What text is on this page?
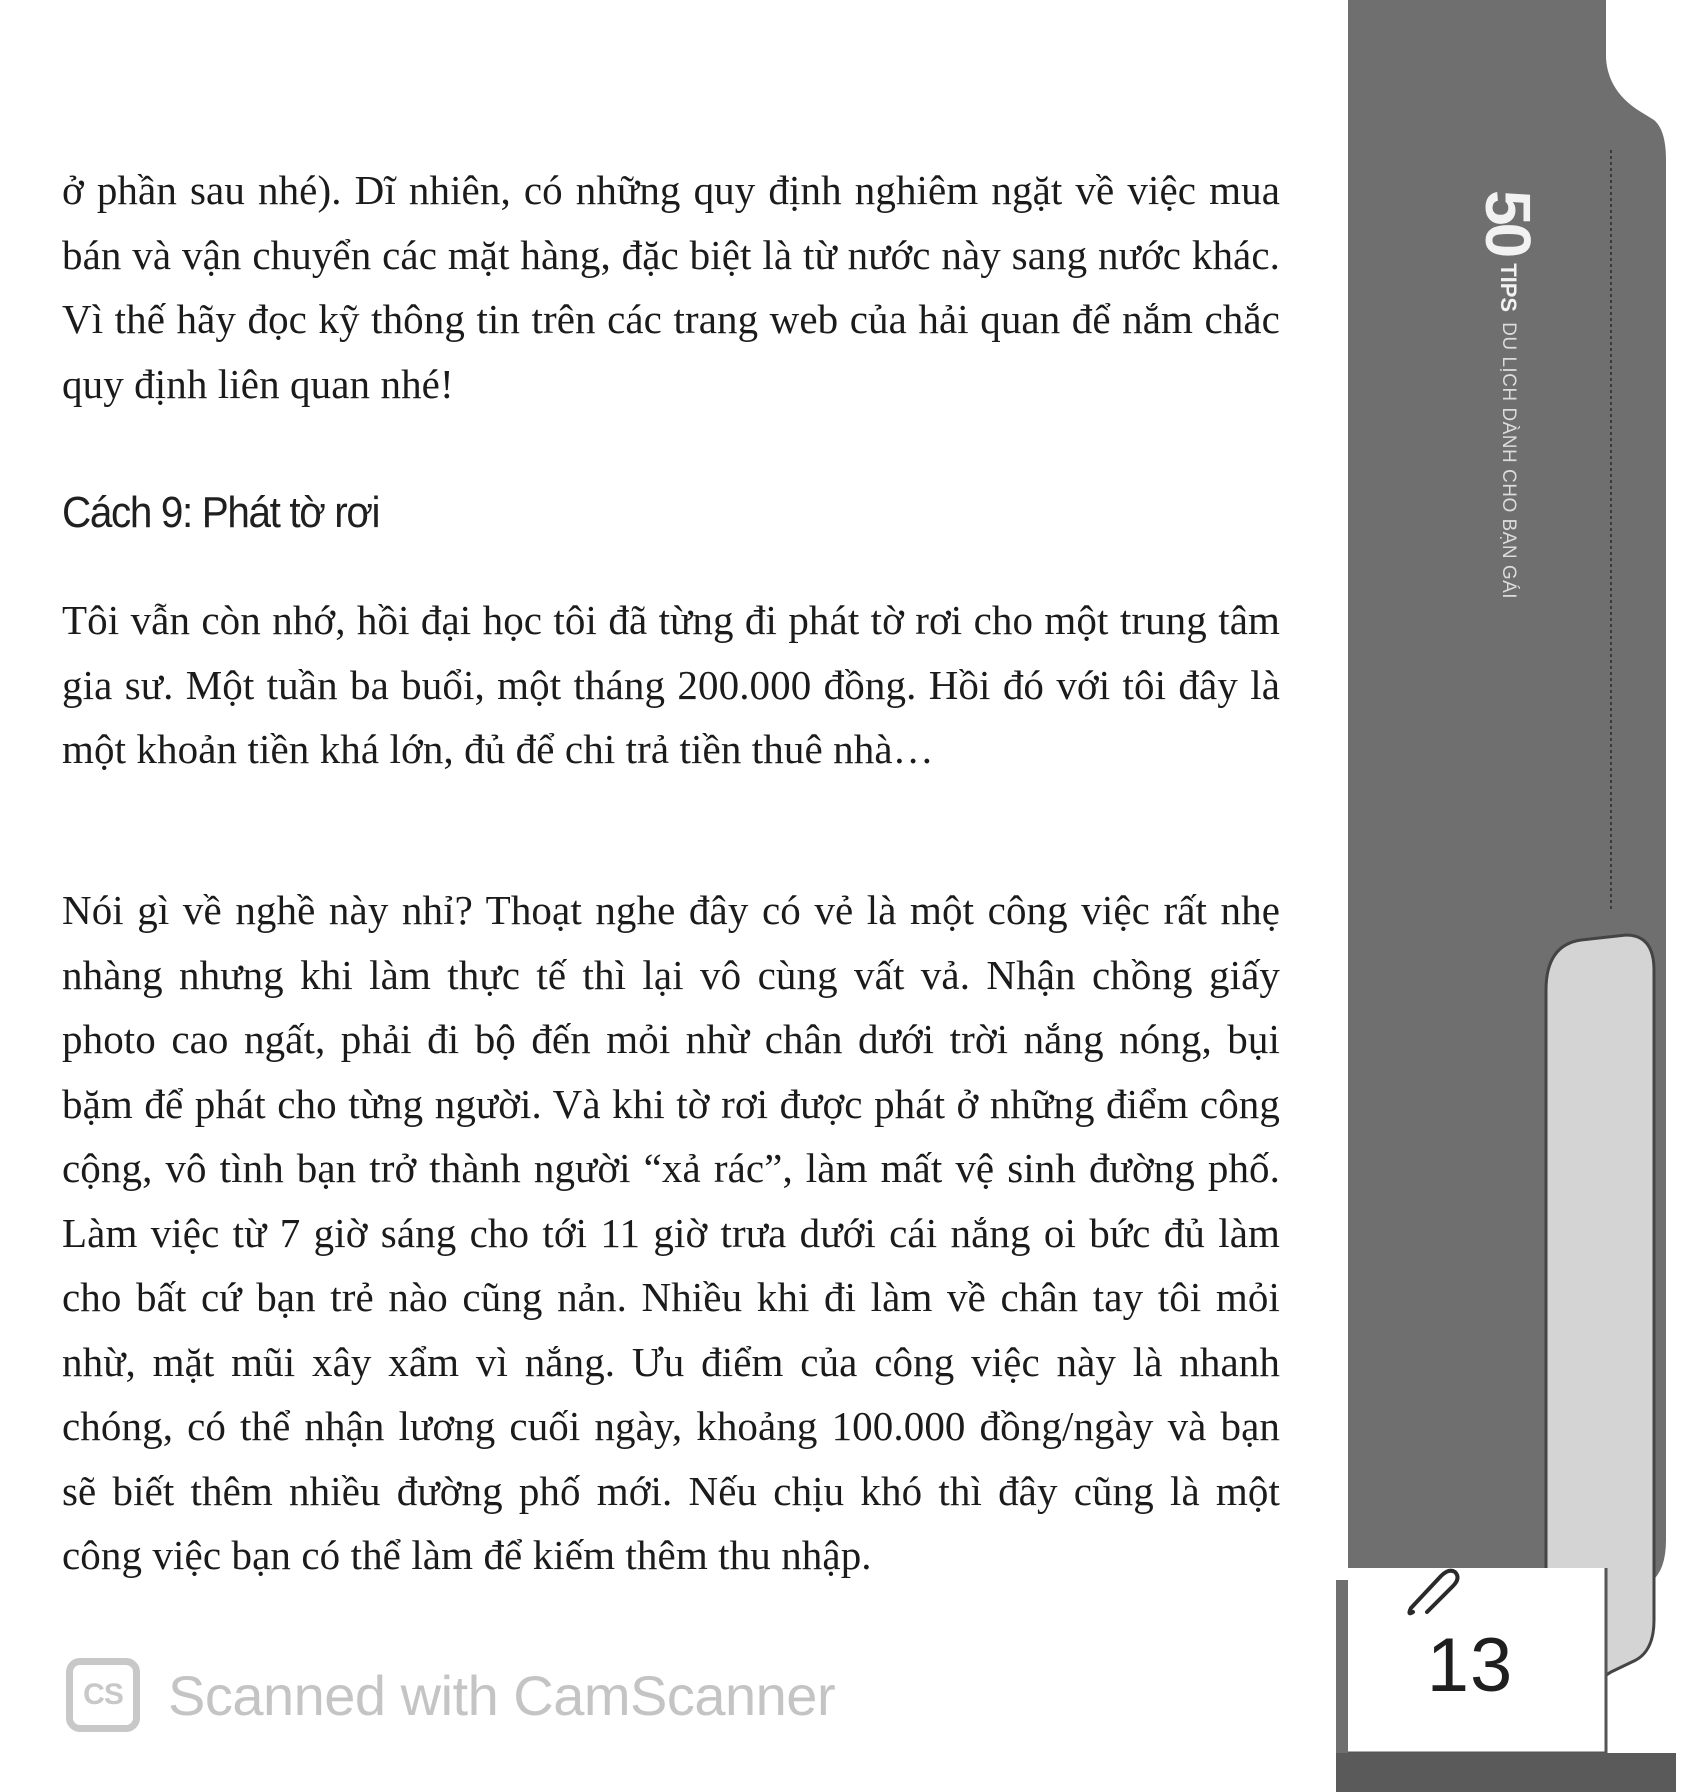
ở phần sau nhé). Dĩ nhiên, có những quy định nghiêm ngặt về việc mua bán và vận chuyển các mặt hàng, đặc biệt là từ nước này sang nước khác. Vì thế hãy đọc kỹ thông tin trên các trang web của hải quan để nắm chắc quy định liên quan nhé!

Cách 9: Phát tờ rơi

Tôi vẫn còn nhớ, hồi đại học tôi đã từng đi phát tờ rơi cho một trung tâm gia sư. Một tuần ba buổi, một tháng 200.000 đồng. Hồi đó với tôi đây là một khoản tiền khá lớn, đủ để chi trả tiền thuê nhà…

Nói gì về nghề này nhỉ? Thoạt nghe đây có vẻ là một công việc rất nhẹ nhàng nhưng khi làm thực tế thì lại vô cùng vất vả. Nhận chồng giấy photo cao ngất, phải đi bộ đến mỏi nhừ chân dưới trời nắng nóng, bụi bặm để phát cho từng người. Và khi tờ rơi được phát ở những điểm công cộng, vô tình bạn trở thành người “xả rác”, làm mất vệ sinh đường phố. Làm việc từ 7 giờ sáng cho tới 11 giờ trưa dưới cái nắng oi bức đủ làm cho bất cứ bạn trẻ nào cũng nản. Nhiều khi đi làm về chân tay tôi mỏi nhừ, mặt mũi xây xẩm vì nắng. Ưu điểm của công việc này là nhanh chóng, có thể nhận lương cuối ngày, khoảng 100.000 đồng/ngày và bạn sẽ biết thêm nhiều đường phố mới. Nếu chịu khó thì đây cũng là một công việc bạn có thể làm để kiếm thêm thu nhập.

50TIPSDU LỊCH DÀNH CHO BẠN GÁI
13
CS Scanned with CamScanner
